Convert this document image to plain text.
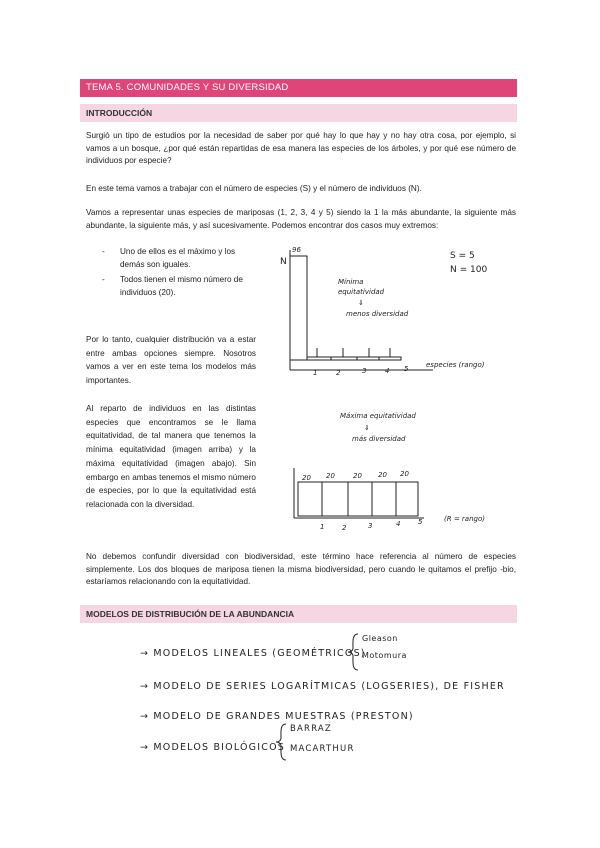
TEMA 5. COMUNIDADES Y SU DIVERSIDAD
INTRODUCCIÓN

Surgió un tipo de estudios por la necesidad de saber por qué hay lo que hay y no hay otra cosa, por ejemplo, si vamos a un bosque, ¿por qué están repartidas de esa manera las especies de los árboles, y por qué ese número de individuos por especie?

En este tema vamos a trabajar con el número de especies (S) y el número de individuos (N).

Vamos a representar unas especies de mariposas (1, 2, 3, 4 y 5) siendo la 1 la más abundante, la siguiente más abundante, la siguiente más, y así sucesivamente. Podemos encontrar dos casos muy extremos:

- Uno de ellos es el máximo y los demás son iguales.
- Todos tienen el mismo número de individuos (20).

Por lo tanto, cualquier distribución va a estar entre ambas opciones siempre. Nosotros vamos a ver en este tema los modelos más importantes.

Al reparto de individuos en las distintas especies que encontramos se le llama equitatividad, de tal manera que tenemos la mínima equitatividad (imagen arriba) y la máxima equitatividad (imagen abajo). Sin embargo en ambas tenemos el mismo número de especies, por lo que la equitatividad está relacionada con la diversidad.

N
96
Mínima
equitatividad
⇓
menos diversidad
S = 5
N = 100
1	2	3	4 5	especies (rango)
Máxima equitatividad
⇓
más diversidad
20 20	20 20 20
1	2	3	4	5	(R = rango)

No debemos confundir diversidad con biodiversidad, este término hace referencia al número de especies simplemente. Los dos bloques de mariposa tienen la misma biodiversidad, pero cuando le quitamos el prefijo -bio, estaríamos relacionando con la equitatividad.

MODELOS DE DISTRIBUCIÓN DE LA ABUNDANCIA
→ MODELOS LINEALES (GEOMÉTRICOS)
Gleason
Motomura
→ MODELO DE SERIES LOGARÍTMICAS (LOGSERIES), DE FISHER
→ MODELO DE GRANDES MUESTRAS (PRESTON)
→ MODELOS BIOLÓGICOS
BARRAZ
MACARTHUR
